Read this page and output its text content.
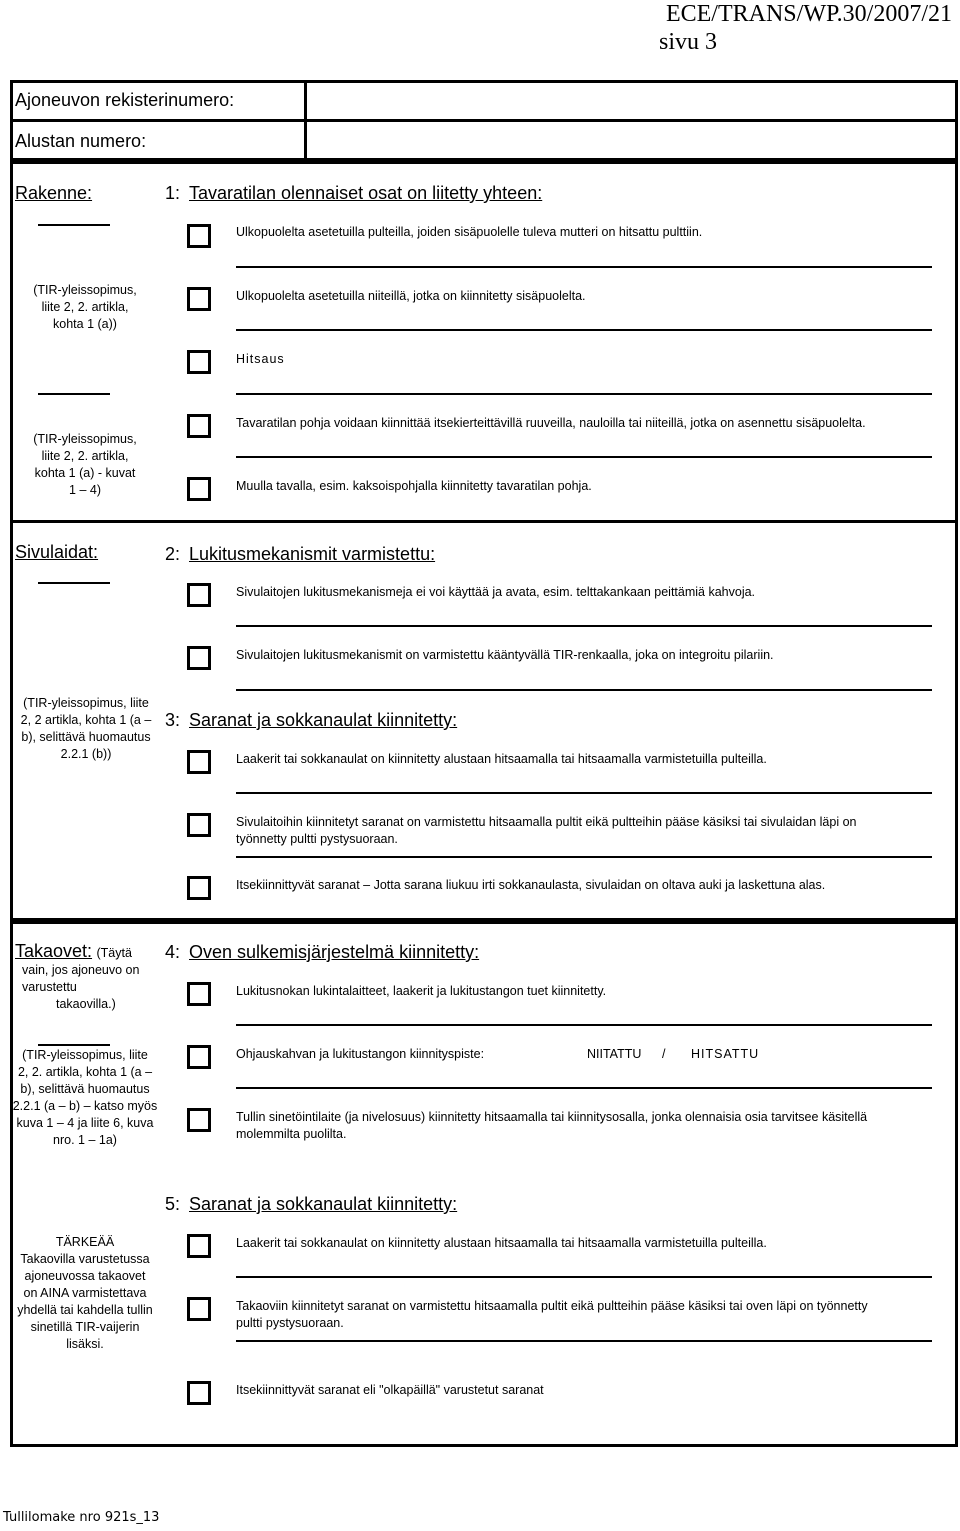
ECE/TRANS/WP.30/2007/21
sivu 3
Ajoneuvon rekisterinumero:
Alustan numero:
Rakenne:
(TIR-yleissopimus,
liite 2, 2. artikla,
kohta 1 (a))
(TIR-yleissopimus,
liite 2, 2. artikla,
kohta 1 (a) - kuvat
1 – 4)
1: Tavaratilan olennaiset osat on liitetty yhteen:
Ulkopuolelta asetetuilla pulteilla, joiden sisäpuolelle tuleva mutteri on hitsattu pulttiin.
Ulkopuolelta asetetuilla niiteillä, jotka on kiinnitetty sisäpuolelta.
Hitsaus
Tavaratilan pohja voidaan kiinnittää itsekierteittävillä ruuveilla, nauloilla tai niiteillä, jotka on asennettu sisäpuolelta.
Muulla tavalla, esim. kaksoispohjalla kiinnitetty tavaratilan pohja.
Sivulaidat:
(TIR-yleissopimus, liite
2, 2 artikla, kohta 1 (a –
b), selittävä huomautus
2.2.1 (b))
2: Lukitusmekanismit varmistettu:
Sivulaitojen lukitusmekanismeja ei voi käyttää ja avata, esim. telttakankaan peittämiä kahvoja.
Sivulaitojen lukitusmekanismit on varmistettu kääntyvällä TIR-renkaalla, joka on integroitu pilariin.
3: Saranat ja sokkanaulat kiinnitetty:
Laakerit tai sokkanaulat on kiinnitetty alustaan hitsaamalla tai hitsaamalla varmistetuilla pulteilla.
Sivulaitoihin kiinnitetyt saranat on varmistettu hitsaamalla pultit eikä pultteihin pääse käsiksi tai sivulaidan läpi on
työnnetty pultti pystysuoraan.
Itsekiinnittyvät saranat – Jotta sarana liukuu irti sokkanaulasta, sivulaidan on oltava auki ja laskettuna alas.
Takaovet: (Täytä
vain, jos ajoneuvo on
varustettu
takaovilla.)
(TIR-yleissopimus, liite
2, 2. artikla, kohta 1 (a –
b), selittävä huomautus
2.2.1 (a – b) – katso myös
kuva 1 – 4 ja liite 6, kuva
nro. 1 – 1a)
TÄRKEÄÄ
Takaovilla varustetussa
ajoneuvossa takaovet
on AINA varmistettava
yhdellä tai kahdella tullin
sinetillä TIR-vaijerin
lisäksi.
4: Oven sulkemisjärjestelmä kiinnitetty:
Lukitusnokan lukintalaitteet, laakerit ja lukitustangon tuet kiinnitetty.
Ohjauskahvan ja lukitustangon kiinnityspiste:	NIITATTU / HITSATTU
Tullin sinetöintilaite (ja nivelosuus) kiinnitetty hitsaamalla tai kiinnitysosalla, jonka olennaisia osia tarvitsee käsitellä
molemmilta puolilta.
5: Saranat ja sokkanaulat kiinnitetty:
Laakerit tai sokkanaulat on kiinnitetty alustaan hitsaamalla tai hitsaamalla varmistetuilla pulteilla.
Takaoviin kiinnitetyt saranat on varmistettu hitsaamalla pultit eikä pultteihin pääse käsiksi tai oven läpi on työnnetty
pultti pystysuoraan.
Itsekiinnittyvät saranat eli "olkapäillä" varustetut saranat
Tullilomake nro 921s_13
